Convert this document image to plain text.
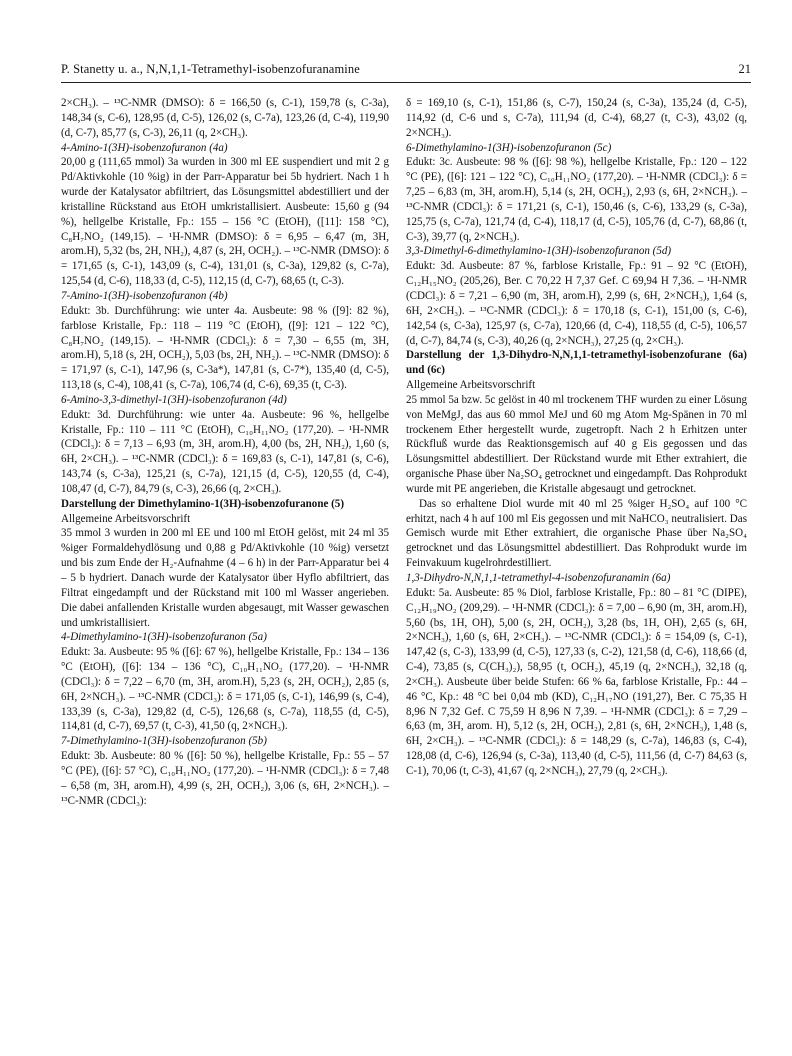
P. Stanetty u. a., N,N,1,1-Tetramethyl-isobenzofuranamine	21

2×CH₃). – ¹³C-NMR (DMSO): δ = 166,50 (s, C-1), 159,78 (s, C-3a), 148,34 (s, C-6), 128,95 (d, C-5), 126,02 (s, C-7a), 123,26 (d, C-4), 119,90 (d, C-7), 85,77 (s, C-3), 26,11 (q, 2×CH₃).

4-Amino-1(3H)-isobenzofuranon (4a)

20,00 g (111,65 mmol) 3a wurden in 300 ml EE suspendiert und mit 2 g Pd/Aktivkohle (10 %ig) in der Parr-Apparatur bei 5b hydriert. Nach 1 h wurde der Katalysator abfiltriert, das Lösungsmittel abdestilliert und der kristalline Rückstand aus EtOH umkristallisiert. Ausbeute: 15,60 g (94 %), hellgelbe Kristalle, Fp.: 155 – 156 °C (EtOH), ([11]: 158 °C), C₈H₇NO₂ (149,15). – ¹H-NMR (DMSO): δ = 6,95 – 6,47 (m, 3H, arom.H), 5,32 (bs, 2H, NH₂), 4,87 (s, 2H, OCH₂). – ¹³C-NMR (DMSO): δ = 171,65 (s, C-1), 143,09 (s, C-4), 131,01 (s, C-3a), 129,82 (s, C-7a), 125,54 (d, C-6), 118,33 (d, C-5), 112,15 (d, C-7), 68,65 (t, C-3).

7-Amino-1(3H)-isobenzofuranon (4b)

Edukt: 3b. Durchführung: wie unter 4a. Ausbeute: 98 % ([9]: 82 %), farblose Kristalle, Fp.: 118 – 119 °C (EtOH), ([9]: 121 – 122 °C), C₈H₇NO₂ (149,15). – ¹H-NMR (CDCl₃): δ = 7,30 – 6,55 (m, 3H, arom.H), 5,18 (s, 2H, OCH₂), 5,03 (bs, 2H, NH₂). – ¹³C-NMR (DMSO): δ = 171,97 (s, C-1), 147,96 (s, C-3a*), 147,81 (s, C-7*), 135,40 (d, C-5), 113,18 (s, C-4), 108,41 (s, C-7a), 106,74 (d, C-6), 69,35 (t, C-3).

6-Amino-3,3-dimethyl-1(3H)-isobenzofuranon (4d)

Edukt: 3d. Durchführung: wie unter 4a. Ausbeute: 96 %, hellgelbe Kristalle, Fp.: 110 – 111 °C (EtOH), C₁₀H₁₁NO₂ (177,20). – ¹H-NMR (CDCl₃): δ = 7,13 – 6,93 (m, 3H, arom.H), 4,00 (bs, 2H, NH₂), 1,60 (s, 6H, 2×CH₃). – ¹³C-NMR (CDCl₃): δ = 169,83 (s, C-1), 147,81 (s, C-6), 143,74 (s, C-3a), 125,21 (s, C-7a), 121,15 (d, C-5), 120,55 (d, C-4), 108,47 (d, C-7), 84,79 (s, C-3), 26,66 (q, 2×CH₃).

Darstellung der Dimethylamino-1(3H)-isobenzofuranone (5)

Allgemeine Arbeitsvorschrift

35 mmol 3 wurden in 200 ml EE und 100 ml EtOH gelöst, mit 24 ml 35 %iger Formaldehydlösung und 0,88 g Pd/Aktivkohle (10 %ig) versetzt und bis zum Ende der H₂-Aufnahme (4 – 6 h) in der Parr-Apparatur bei 4 – 5 b hydriert. Danach wurde der Katalysator über Hyflo abfiltriert, das Filtrat eingedampft und der Rückstand mit 100 ml Wasser angerieben. Die dabei anfallenden Kristalle wurden abgesaugt, mit Wasser gewaschen und umkristallisiert.

4-Dimethylamino-1(3H)-isobenzofuranon (5a)

Edukt: 3a. Ausbeute: 95 % ([6]: 67 %), hellgelbe Kristalle, Fp.: 134 – 136 °C (EtOH), ([6]: 134 – 136 °C), C₁₀H₁₁NO₂ (177,20). – ¹H-NMR (CDCl₃): δ = 7,22 – 6,70 (m, 3H, arom.H), 5,23 (s, 2H, OCH₂), 2,85 (s, 6H, 2×NCH₃). – ¹³C-NMR (CDCl₃): δ = 171,05 (s, C-1), 146,99 (s, C-4), 133,39 (s, C-3a), 129,82 (d, C-5), 126,68 (s, C-7a), 118,55 (d, C-5), 114,81 (d, C-7), 69,57 (t, C-3), 41,50 (q, 2×NCH₃).

7-Dimethylamino-1(3H)-isobenzofuranon (5b)

Edukt: 3b. Ausbeute: 80 % ([6]: 50 %), hellgelbe Kristalle, Fp.: 55 – 57 °C (PE), ([6]: 57 °C), C₁₀H₁₁NO₂ (177,20). – ¹H-NMR (CDCl₃): δ = 7,48 – 6,58 (m, 3H, arom.H), 4,99 (s, 2H, OCH₂), 3,06 (s, 6H, 2×NCH₃). – ¹³C-NMR (CDCl₃):

δ = 169,10 (s, C-1), 151,86 (s, C-7), 150,24 (s, C-3a), 135,24 (d, C-5), 114,92 (d, C-6 und s, C-7a), 111,94 (d, C-4), 68,27 (t, C-3), 43,02 (q, 2×NCH₃).

6-Dimethylamino-1(3H)-isobenzofuranon (5c)

Edukt: 3c. Ausbeute: 98 % ([6]: 98 %), hellgelbe Kristalle, Fp.: 120 – 122 °C (PE), ([6]: 121 – 122 °C), C₁₀H₁₁NO₂ (177,20). – ¹H-NMR (CDCl₃): δ = 7,25 – 6,83 (m, 3H, arom.H), 5,14 (s, 2H, OCH₂), 2,93 (s, 6H, 2×NCH₃). – ¹³C-NMR (CDCl₃): δ = 171,21 (s, C-1), 150,46 (s, C-6), 133,29 (s, C-3a), 125,75 (s, C-7a), 121,74 (d, C-4), 118,17 (d, C-5), 105,76 (d, C-7), 68,86 (t, C-3), 39,77 (q, 2×NCH₃).

3,3-Dimethyl-6-dimethylamino-1(3H)-isobenzofuranon (5d)

Edukt: 3d. Ausbeute: 87 %, farblose Kristalle, Fp.: 91 – 92 °C (EtOH), C₁₂H₁₅NO₂ (205,26), Ber. C 70,22 H 7,37 Gef. C 69,94 H 7,36. – ¹H-NMR (CDCl₃): δ = 7,21 – 6,90 (m, 3H, arom.H), 2,99 (s, 6H, 2×NCH₃), 1,64 (s, 6H, 2×CH₃). – ¹³C-NMR (CDCl₃): δ = 170,18 (s, C-1), 151,00 (s, C-6), 142,54 (s, C-3a), 125,97 (s, C-7a), 120,66 (d, C-4), 118,55 (d, C-5), 106,57 (d, C-7), 84,74 (s, C-3), 40,26 (q, 2×NCH₃), 27,25 (q, 2×CH₃).

Darstellung der 1,3-Dihydro-N,N,1,1-tetramethyl-isobenzofurane (6a) und (6c)

Allgemeine Arbeitsvorschrift

25 mmol 5a bzw. 5c gelöst in 40 ml trockenem THF wurden zu einer Lösung von MeMgJ, das aus 60 mmol MeJ und 60 mg Atom Mg-Spänen in 70 ml trockenem Ether hergestellt wurde, zugetropft. Nach 2 h Erhitzen unter Rückfluß wurde das Reaktionsgemisch auf 40 g Eis gegossen und das Lösungsmittel abdestilliert. Der Rückstand wurde mit Ether extrahiert, die organische Phase über Na₂SO₄ getrocknet und eingedampft. Das Rohprodukt wurde mit PE angerieben, die Kristalle abgesaugt und getrocknet.

Das so erhaltene Diol wurde mit 40 ml 25 %iger H₂SO₄ auf 100 °C erhitzt, nach 4 h auf 100 ml Eis gegossen und mit NaHCO₃ neutralisiert. Das Gemisch wurde mit Ether extrahiert, die organische Phase über Na₂SO₄ getrocknet und das Lösungsmittel abdestilliert. Das Rohprodukt wurde im Feinvakuum kugelrohrdestilliert.

1,3-Dihydro-N,N,1,1-tetramethyl-4-isobenzofuranamin (6a)

Edukt: 5a. Ausbeute: 85 % Diol, farblose Kristalle, Fp.: 80 – 81 °C (DIPE), C₁₂H₁₉NO₂ (209,29). – ¹H-NMR (CDCl₃): δ = 7,00 – 6,90 (m, 3H, arom.H), 5,60 (bs, 1H, OH), 5,00 (s, 2H, OCH₂), 3,28 (bs, 1H, OH), 2,65 (s, 6H, 2×NCH₃), 1,60 (s, 6H, 2×CH₃). – ¹³C-NMR (CDCl₃): δ = 154,09 (s, C-1), 147,42 (s, C-3), 133,99 (d, C-5), 127,33 (s, C-2), 121,58 (d, C-6), 118,66 (d, C-4), 73,85 (s, C(CH₃)₂), 58,95 (t, OCH₂), 45,19 (q, 2×NCH₃), 32,18 (q, 2×CH₃). Ausbeute über beide Stufen: 66 % 6a, farblose Kristalle, Fp.: 44 – 46 °C, Kp.: 48 °C bei 0,04 mb (KD), C₁₂H₁₇NO (191,27), Ber. C 75,35 H 8,96 N 7,32 Gef. C 75,59 H 8,96 N 7,39. – ¹H-NMR (CDCl₃): δ = 7,29 – 6,63 (m, 3H, arom. H), 5,12 (s, 2H, OCH₂), 2,81 (s, 6H, 2×NCH₃), 1,48 (s, 6H, 2×CH₃). – ¹³C-NMR (CDCl₃): δ = 148,29 (s, C-7a), 146,83 (s, C-4), 128,08 (d, C-6), 126,94 (s, C-3a), 113,40 (d, C-5), 111,56 (d, C-7) 84,63 (s, C-1), 70,06 (t, C-3), 41,67 (q, 2×NCH₃), 27,79 (q, 2×CH₃).
